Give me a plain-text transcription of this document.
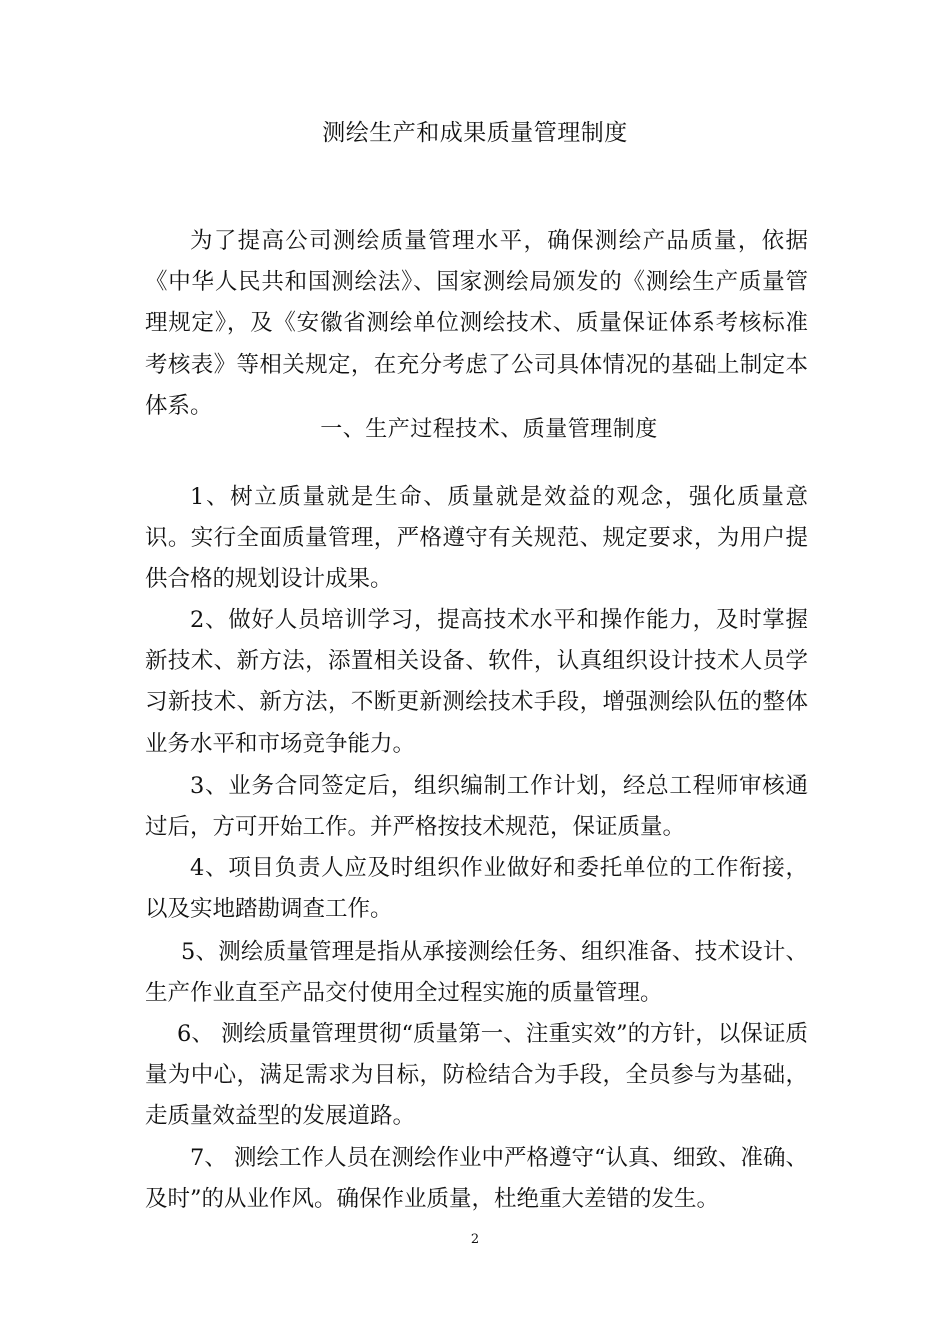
测绘生产和成果质量管理制度

为了提高公司测绘质量管理水平，确保测绘产品质量，依据《中华人民共和国测绘法》、国家测绘局颁发的《测绘生产质量管理规定》，及《安徽省测绘单位测绘技术、质量保证体系考核标准考核表》等相关规定，在充分考虑了公司具体情况的基础上制定本体系。

一、生产过程技术、质量管理制度

1、树立质量就是生命、质量就是效益的观念，强化质量意识。实行全面质量管理，严格遵守有关规范、规定要求，为用户提供合格的规划设计成果。

2、做好人员培训学习，提高技术水平和操作能力，及时掌握新技术、新方法，添置相关设备、软件，认真组织设计技术人员学习新技术、新方法，不断更新测绘技术手段，增强测绘队伍的整体业务水平和市场竞争能力。

3、业务合同签定后，组织编制工作计划，经总工程师审核通过后，方可开始工作。并严格按技术规范，保证质量。

4、项目负责人应及时组织作业做好和委托单位的工作衔接，以及实地踏勘调查工作。

5、测绘质量管理是指从承接测绘任务、组织准备、技术设计、生产作业直至产品交付使用全过程实施的质量管理。

6、 测绘质量管理贯彻“质量第一、注重实效”的方针，以保证质量为中心，满足需求为目标，防检结合为手段，全员参与为基础，走质量效益型的发展道路。

7、 测绘工作人员在测绘作业中严格遵守“认真、细致、准确、及时”的从业作风。确保作业质量，杜绝重大差错的发生。

2
